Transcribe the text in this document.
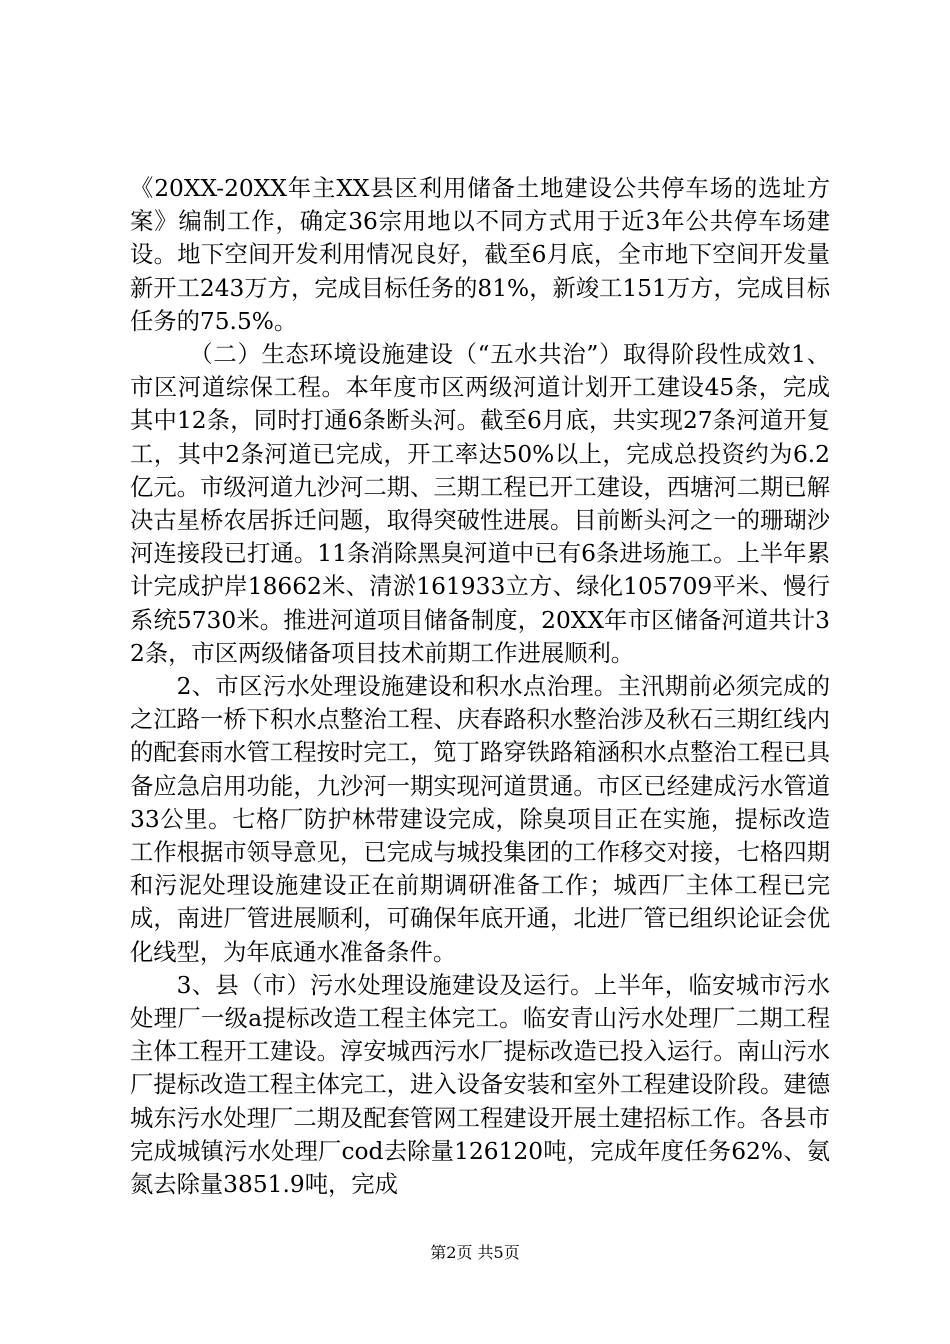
《20XX-20XX年主XX县区利用储备土地建设公共停车场的选址方案》编制工作，确定36宗用地以不同方式用于近3年公共停车场建设。地下空间开发利用情况良好，截至6月底，全市地下空间开发量新开工243万方，完成目标任务的81%，新竣工151万方，完成目标任务的75.5%。

（二）生态环境设施建设（“五水共治”）取得阶段性成效1、市区河道综保工程。本年度市区两级河道计划开工建设45条，完成其中12条，同时打通6条断头河。截至6月底，共实现27条河道开复工，其中2条河道已完成，开工率达50%以上，完成总投资约为6.2亿元。市级河道九沙河二期、三期工程已开工建设，西塘河二期已解决古星桥农居拆迁问题，取得突破性进展。目前断头河之一的珊瑚沙河连接段已打通。11条消除黑臭河道中已有6条进场施工。上半年累计完成护岸18662米、清淤161933立方、绿化105709平米、慢行系统5730米。推进河道项目储备制度，20XX年市区储备河道共计32条，市区两级储备项目技术前期工作进展顺利。

2、市区污水处理设施建设和积水点治理。主汛期前必须完成的之江路一桥下积水点整治工程、庆春路积水整治涉及秋石三期红线内的配套雨水管工程按时完工，笕丁路穿铁路箱涵积水点整治工程已具备应急启用功能，九沙河一期实现河道贯通。市区已经建成污水管道33公里。七格厂防护林带建设完成，除臭项目正在实施，提标改造工作根据市领导意见，已完成与城投集团的工作移交对接，七格四期和污泥处理设施建设正在前期调研准备工作；城西厂主体工程已完成，南进厂管进展顺利，可确保年底开通，北进厂管已组织论证会优化线型，为年底通水准备条件。

3、县（市）污水处理设施建设及运行。上半年，临安城市污水处理厂一级a提标改造工程主体完工。临安青山污水处理厂二期工程主体工程开工建设。淳安城西污水厂提标改造已投入运行。南山污水厂提标改造工程主体完工，进入设备安装和室外工程建设阶段。建德城东污水处理厂二期及配套管网工程建设开展土建招标工作。各县市完成城镇污水处理厂cod去除量126120吨，完成年度任务62%、氨氮去除量3851.9吨，完成

第2页 共5页
